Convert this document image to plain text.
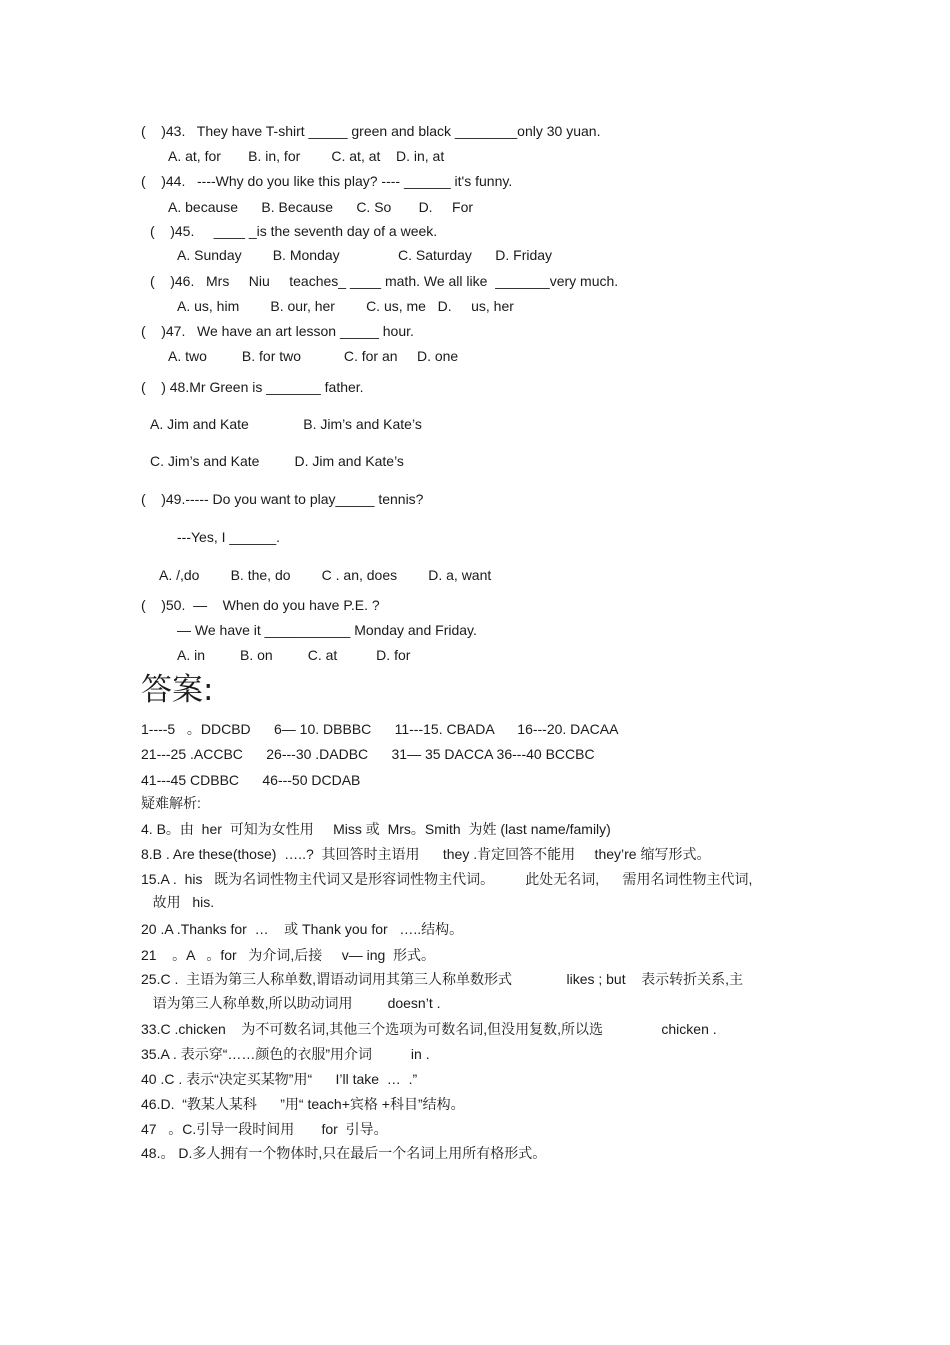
(    )43.   They have T-shirt _____ green and black ________only 30 yuan.

A. at, for       B. in, for        C. at, at    D. in, at

(    )44.   ----Why do you like this play? ---- ______ it's funny.

A. because      B. Because      C. So       D.     For

(    )45.     ____ _is the seventh day of a week.

A. Sunday        B. Monday               C. Saturday      D. Friday

(    )46.   Mrs     Niu     teaches_ ____ math. We all like  _______very much.

A. us, him        B. our, her        C. us, me   D.     us, her

(    )47.   We have an art lesson _____ hour.

A. two         B. for two           C. for an     D. one

(    ) 48.Mr Green is _______ father.

A. Jim and Kate              B. Jim’s and Kate’s

C. Jim’s and Kate         D. Jim and Kate’s

(    )49.----- Do you want to play_____ tennis?

---Yes, I ______.

A. /,do        B. the, do        C . an, does        D. a, want

(    )50.  —    When do you have P.E. ?

— We have it ___________ Monday and Friday.

A. in         B. on         C. at          D. for

答案:

1----5   。DDCBD      6— 10. DBBBC      11---15. CBADA      16---20. DACAA

21---25 .ACCBC      26---30 .DADBC      31— 35 DACCA 36---40 BCCBC

41---45 CDBBC      46---50 DCDAB

疑难解析:

4. B。由  her  可知为女性用     Miss 或  Mrs。Smith  为姓 (last name/family)

8.B . Are these(those)  …..?  其回答时主语用      they .肯定回答不能用     they’re 缩写形式。

15.A .  his   既为名词性物主代词又是形容词性物主代词。        此处无名词,      需用名词性物主代词,

故用   his.

20 .A .Thanks for  …    或 Thank you for   …..结构。

21    。A   。for   为介词,后接     v— ing  形式。

25.C .  主语为第三人称单数,谓语动词用其第三人称单数形式              likes ; but    表示转折关系,主

语为第三人称单数,所以助动词用         doesn’t .

33.C .chicken    为不可数名词,其他三个选项为可数名词,但没用复数,所以选               chicken .

35.A . 表示穿“……颜色的衣服”用介词          in .

40 .C . 表示“决定买某物”用“      I’ll take  …  .”

46.D.  “教某人某科      ”用“ teach+宾格 +科目”结构。

47   。C.引导一段时间用       for  引导。

48.。 D.多人拥有一个物体时,只在最后一个名词上用所有格形式。
